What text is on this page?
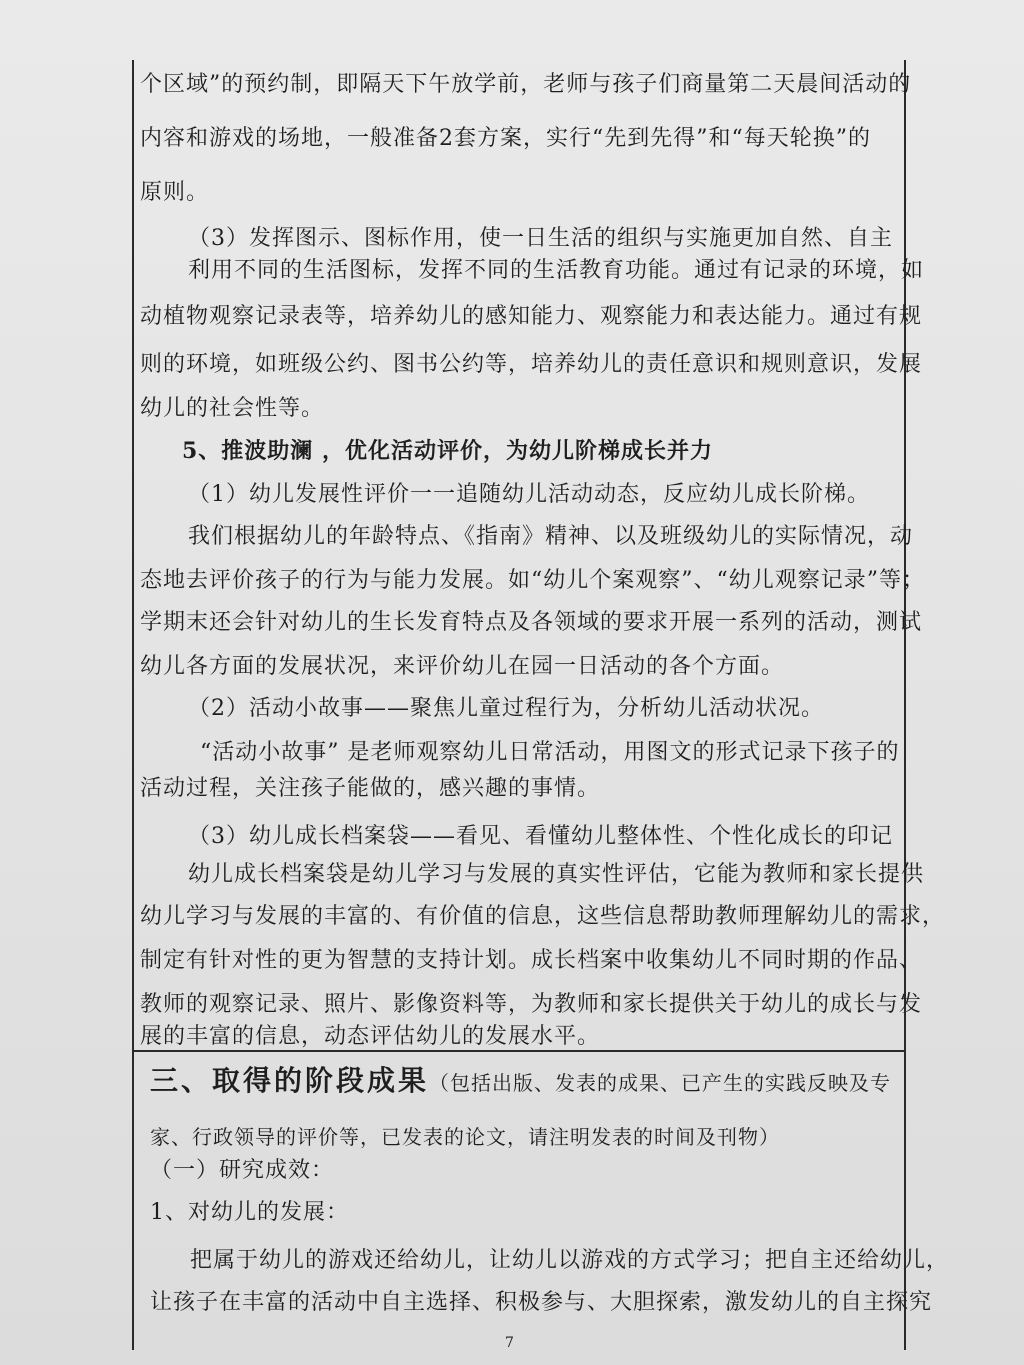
个区域”的预约制，即隔天下午放学前，老师与孩子们商量第二天晨间活动的
内容和游戏的场地，一般准备2套方案，实行“先到先得”和“每天轮换”的
原则。
（3）发挥图示、图标作用，使一日生活的组织与实施更加自然、自主
利用不同的生活图标，发挥不同的生活教育功能。通过有记录的环境，如
动植物观察记录表等，培养幼儿的感知能力、观察能力和表达能力。通过有规
则的环境，如班级公约、图书公约等，培养幼儿的责任意识和规则意识，发展
幼儿的社会性等。
5、推波助澜 ，优化活动评价，为幼儿阶梯成长并力
（1）幼儿发展性评价一一追随幼儿活动动态，反应幼儿成长阶梯。
我们根据幼儿的年龄特点、《指南》精神、以及班级幼儿的实际情况，动
态地去评价孩子的行为与能力发展。如“幼儿个案观察”、“幼儿观察记录”等；
学期末还会针对幼儿的生长发育特点及各领域的要求开展一系列的活动，测试
幼儿各方面的发展状况，来评价幼儿在园一日活动的各个方面。
（2）活动小故事——聚焦儿童过程行为，分析幼儿活动状况。
“活动小故事” 是老师观察幼儿日常活动，用图文的形式记录下孩子的
活动过程，关注孩子能做的，感兴趣的事情。
（3）幼儿成长档案袋——看见、看懂幼儿整体性、个性化成长的印记
幼儿成长档案袋是幼儿学习与发展的真实性评估，它能为教师和家长提供
幼儿学习与发展的丰富的、有价值的信息，这些信息帮助教师理解幼儿的需求，
制定有针对性的更为智慧的支持计划。成长档案中收集幼儿不同时期的作品、
教师的观察记录、照片、影像资料等，为教师和家长提供关于幼儿的成长与发
展的丰富的信息，动态评估幼儿的发展水平。
三、取得的阶段成果（包括出版、发表的成果、已产生的实践反映及专
家、行政领导的评价等，已发表的论文，请注明发表的时间及刊物）
（一）研究成效：
1、对幼儿的发展：
把属于幼儿的游戏还给幼儿，让幼儿以游戏的方式学习；把自主还给幼儿，
让孩子在丰富的活动中自主选择、积极参与、大胆探索，激发幼儿的自主探究
7
